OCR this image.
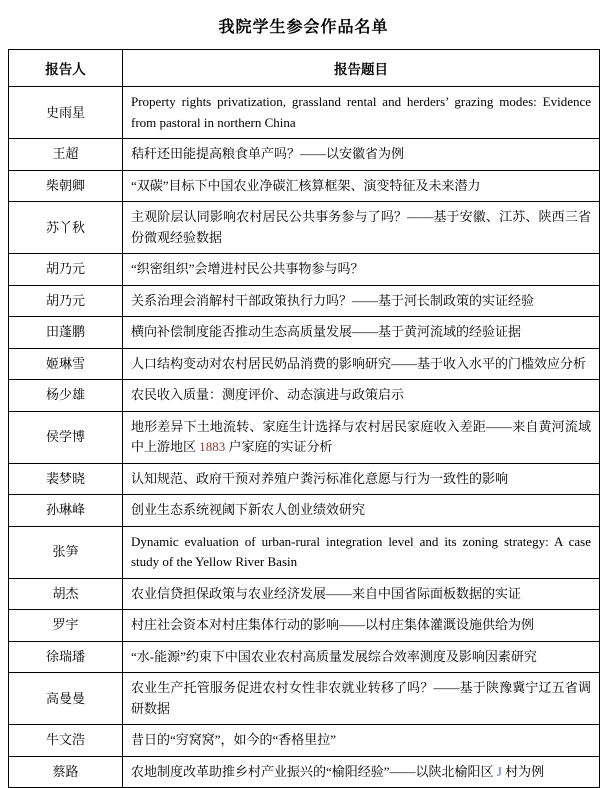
我院学生参会作品名单
报告人	报告题目
史雨星	Property rights privatization, grassland rental and herders’ grazing modes: Evidence from pastoral in northern China
王超	秸秆还田能提高粮食单产吗？——以安徽省为例
柴朝卿	“双碳”目标下中国农业净碳汇核算框架、演变特征及未来潜力
苏丫秋	主观阶层认同影响农村居民公共事务参与了吗？——基于安徽、江苏、陕西三省份微观经验数据
胡乃元	“织密组织”会增进村民公共事物参与吗？
胡乃元	关系治理会消解村干部政策执行力吗？——基于河长制政策的实证经验
田蓬鹏	横向补偿制度能否推动生态高质量发展——基于黄河流域的经验证据
姬琳雪	人口结构变动对农村居民奶品消费的影响研究——基于收入水平的门槛效应分析
杨少雄	农民收入质量：测度评价、动态演进与政策启示
侯学博	地形差异下土地流转、家庭生计选择与农村居民家庭收入差距——来自黄河流域中上游地区 1883 户家庭的实证分析
裴梦晓	认知规范、政府干预对养殖户粪污标准化意愿与行为一致性的影响
孙琳峰	创业生态系统视阈下新农人创业绩效研究
张笋	Dynamic evaluation of urban-rural integration level and its zoning strategy: A case study of the Yellow River Basin
胡杰	农业信贷担保政策与农业经济发展——来自中国省际面板数据的实证
罗宇	村庄社会资本对村庄集体行动的影响——以村庄集体灌溉设施供给为例
徐瑞璠	“水-能源”约束下中国农业农村高质量发展综合效率测度及影响因素研究
高曼曼	农业生产托管服务促进农村女性非农就业转移了吗？——基于陕豫冀宁辽五省调研数据
牛文浩	昔日的“穷窝窝”，如今的“香格里拉”
蔡路	农地制度改革助推乡村产业振兴的“榆阳经验”——以陕北榆阳区 J 村为例
